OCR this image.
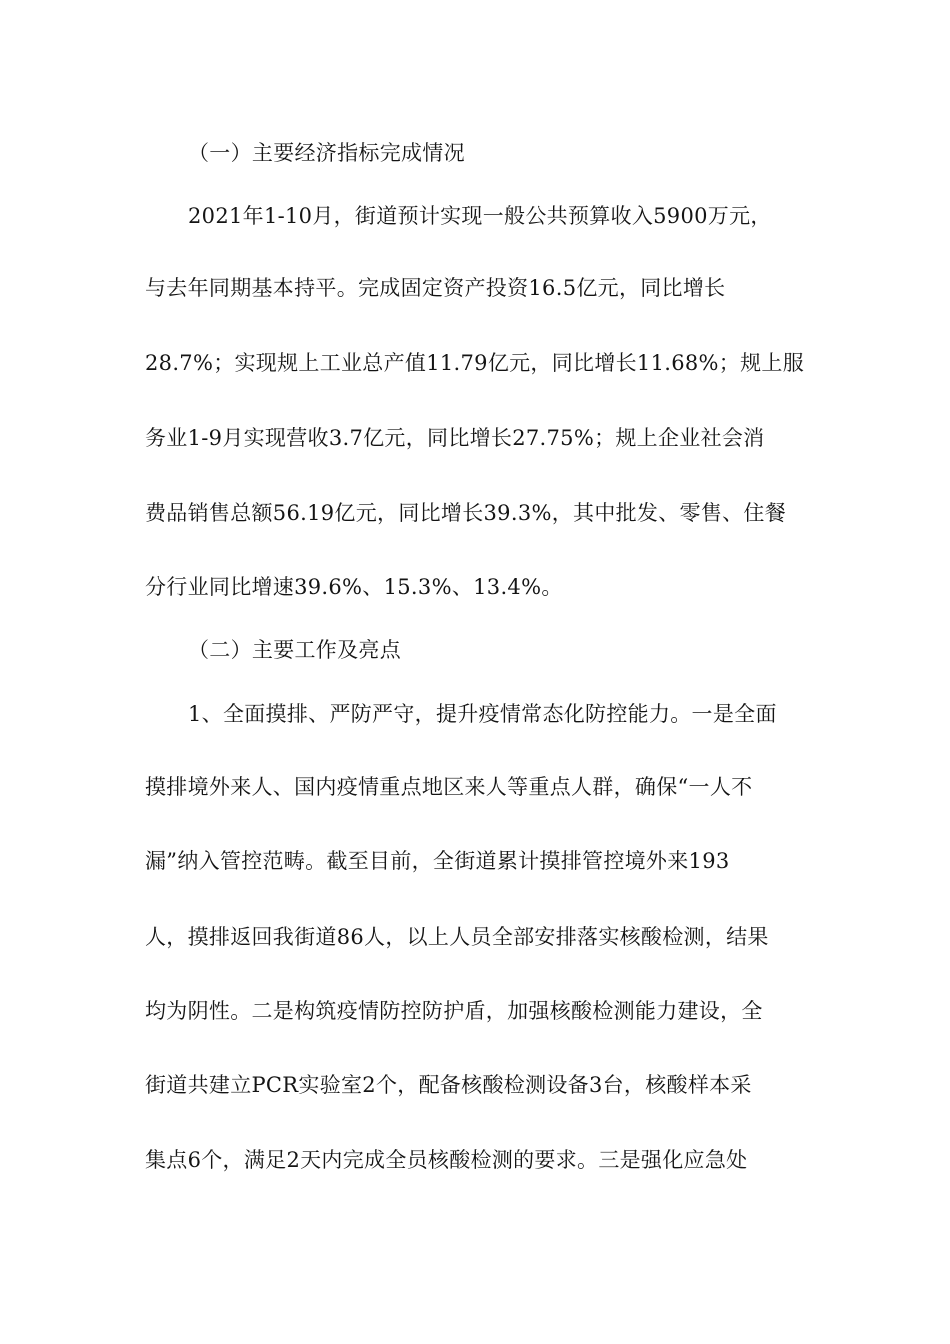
（一）主要经济指标完成情况

2021年1-10月，街道预计实现一般公共预算收入5900万元，

与去年同期基本持平。完成固定资产投资16.5亿元，同比增长

28.7%；实现规上工业总产值11.79亿元，同比增长11.68%；规上服

务业1-9月实现营收3.7亿元，同比增长27.75%；规上企业社会消

费品销售总额56.19亿元，同比增长39.3%，其中批发、零售、住餐

分行业同比增速39.6%、15.3%、13.4%。

（二）主要工作及亮点

1、全面摸排、严防严守，提升疫情常态化防控能力。一是全面

摸排境外来人、国内疫情重点地区来人等重点人群，确保“一人不

漏”纳入管控范畴。截至目前，全街道累计摸排管控境外来193

人，摸排返回我街道86人，以上人员全部安排落实核酸检测，结果

均为阴性。二是构筑疫情防控防护盾，加强核酸检测能力建设，全

街道共建立PCR实验室2个，配备核酸检测设备3台，核酸样本采

集点6个，满足2天内完成全员核酸检测的要求。三是强化应急处
